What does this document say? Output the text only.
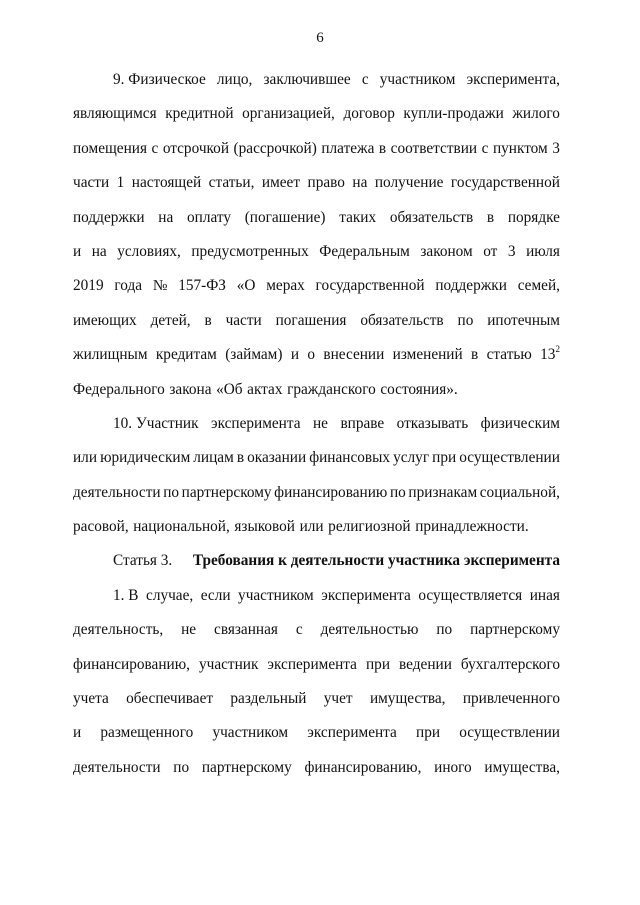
6
9. Физическое лицо, заключившее с участником эксперимента,
являющимся кредитной организацией, договор купли-продажи жилого
помещения с отсрочкой (рассрочкой) платежа в соответствии с пунктом 3
части 1 настоящей статьи, имеет право на получение государственной
поддержки на оплату (погашение) таких обязательств в порядке
и на условиях, предусмотренных Федеральным законом от 3 июля
2019 года № 157-ФЗ «О мерах государственной поддержки семей,
имеющих детей, в части погашения обязательств по ипотечным
жилищным кредитам (займам) и о внесении изменений в статью $13^2$
Федерального закона «Об актах гражданского состояния».
10. Участник эксперимента не вправе отказывать физическим
или юридическим лицам в оказании финансовых услуг при осуществлении
деятельности по партнерскому финансированию по признакам социальной,
расовой, национальной, языковой или религиозной принадлежности.
Статья 3.	Требования к деятельности участника эксперимента
1. В случае, если участником эксперимента осуществляется иная
деятельность, не связанная с деятельностью по партнерскому
финансированию, участник эксперимента при ведении бухгалтерского
учета обеспечивает раздельный учет имущества, привлеченного
и размещенного участником эксперимента при осуществлении
деятельности по партнерскому финансированию, иного имущества,
